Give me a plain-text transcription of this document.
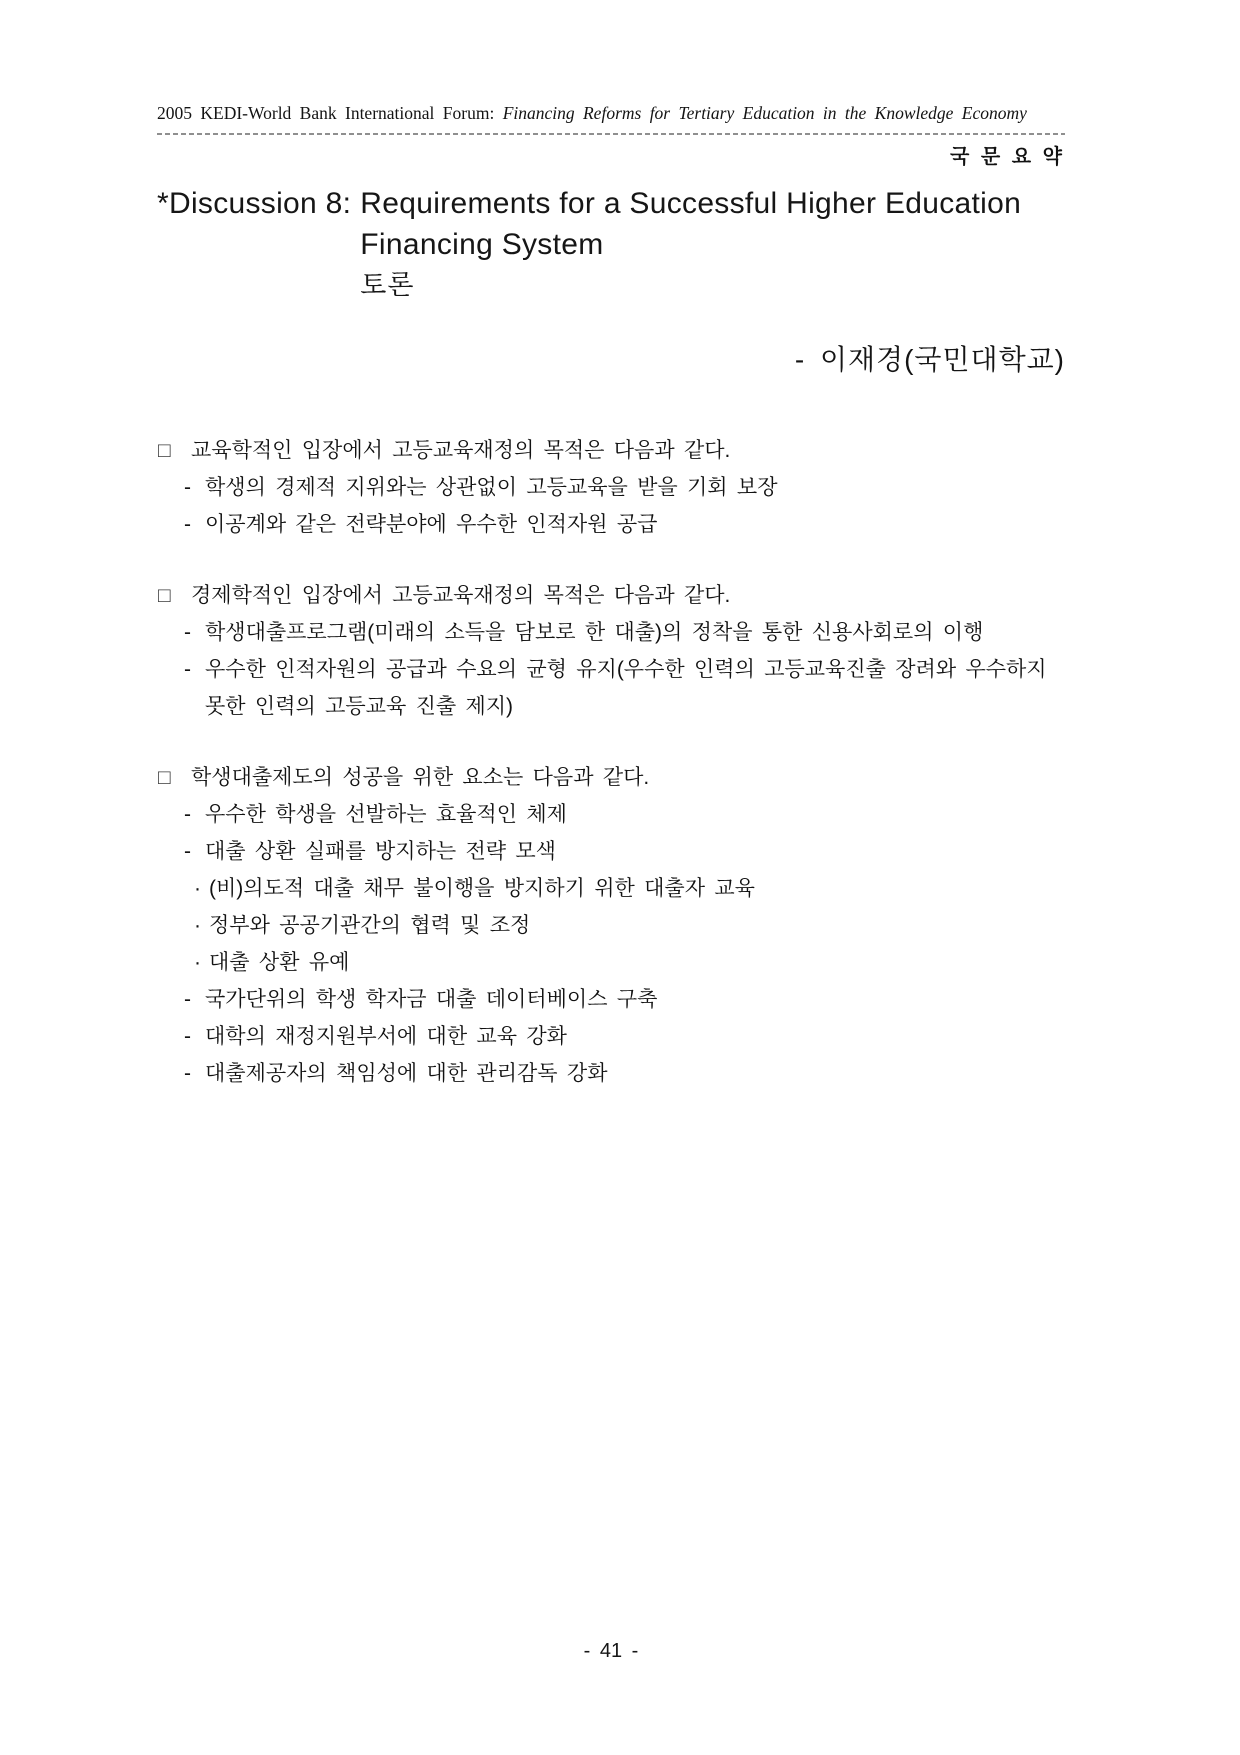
2005 KEDI-World Bank International Forum: Financing Reforms for Tertiary Education in the Knowledge Economy
국 문 요 약
*Discussion 8: Requirements for a Successful Higher Education
Financing System
토론
- 이재경(국민대학교)
□ 교육학적인 입장에서 고등교육재정의 목적은 다음과 같다.
- 학생의 경제적 지위와는 상관없이 고등교육을 받을 기회 보장
- 이공계와 같은 전략분야에 우수한 인적자원 공급
□ 경제학적인 입장에서 고등교육재정의 목적은 다음과 같다.
- 학생대출프로그램(미래의 소득을 담보로 한 대출)의 정착을 통한 신용사회로의 이행
- 우수한 인적자원의 공급과 수요의 균형 유지(우수한 인력의 고등교육진출 장려와 우수하지 못한 인력의 고등교육 진출 제지)
□ 학생대출제도의 성공을 위한 요소는 다음과 같다.
- 우수한 학생을 선발하는 효율적인 체제
- 대출 상환 실패를 방지하는 전략 모색
· (비)의도적 대출 채무 불이행을 방지하기 위한 대출자 교육
· 정부와 공공기관간의 협력 및 조정
· 대출 상환 유예
- 국가단위의 학생 학자금 대출 데이터베이스 구축
- 대학의 재정지원부서에 대한 교육 강화
- 대출제공자의 책임성에 대한 관리감독 강화
- 41 -
